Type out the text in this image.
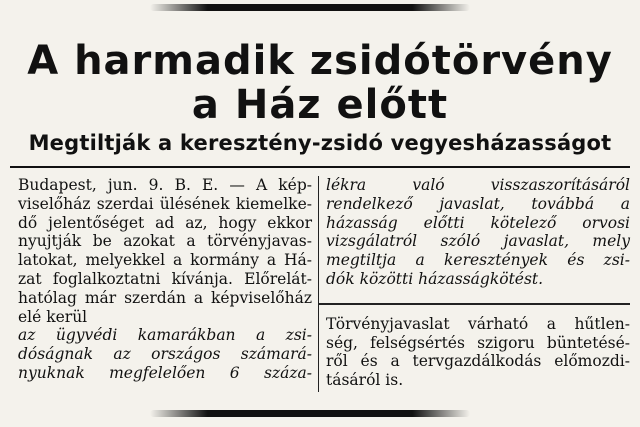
A harmadik zsidótörvény
a Ház előtt
Megtiltják a keresztény-zsidó vegyesházasságot

Budapest, jun. 9. B. E. — A kép-
viselőház szerdai ülésének kiemelke-
dő jelentőséget ad az, hogy ekkor
nyujtják be azokat a törvényjavas-
latokat, melyekkel a kormány a Há-
zat foglalkoztatni kívánja. Előrelát-
hatólag már szerdán a képviselőház
elé kerül
az ügyvédi kamarákban a zsi-
dóságnak az országos számará-
nyuknak megfelelően 6 száza-

lékra való visszaszorításáról
rendelkező javaslat, továbbá a
házasság előtti kötelező orvosi
vizsgálatról szóló javaslat, mely
megtiltja a keresztények és zsi-
dók közötti házasságkötést.

Törvényjavaslat várható a hűtlen-
ség, felségsértés szigoru büntetésé-
ről és a tervgazdálkodás előmozdi-
tásáról is.
